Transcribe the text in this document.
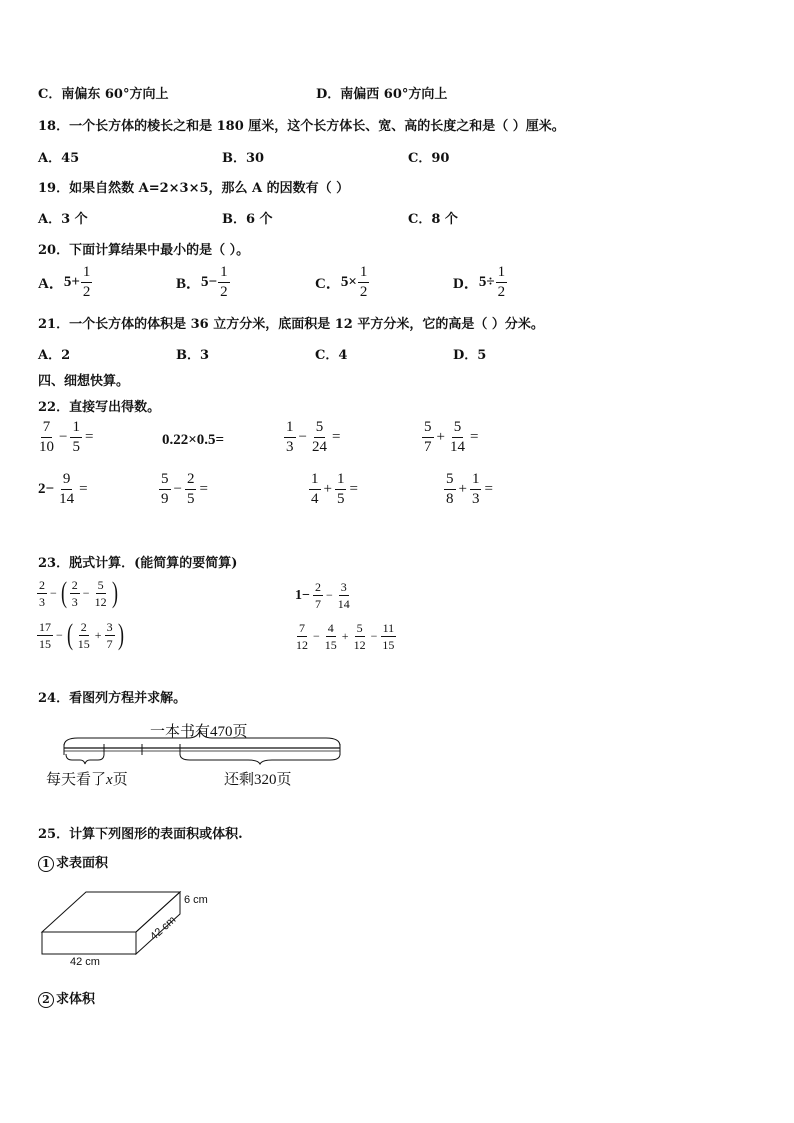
C．南偏东 60°方向上	D．南偏西 60°方向上
18．一个长方体的棱长之和是 180 厘米，这个长方体长、宽、高的长度之和是（ ）厘米。
A．45	B．30	C．90
19．如果自然数 A=2×3×5，那么 A 的因数有（ ）
A．3 个	B．6 个	C．8 个
20．下面计算结果中最小的是（ ）。
A． $5+ \frac{1}{2}$	B． $5- \frac{1}{2}$	C． $5\times \frac{1}{2}$	D． $5\div \frac{1}{2}$
21．一个长方体的体积是 36 立方分米，底面积是 12 平方分米，它的高是（ ）分米。
A．2	B．3	C．4	D．5
四、细想快算。
22．直接写出得数。
$\frac{7}{10} - \frac{1}{5}$ =	0.22×0.5=	$\frac{1}{3} - \frac{5}{24}$ =	$\frac{5}{7} + \frac{5}{14}$ =
$2- \frac{9}{14}$ =	$\frac{5}{9} - \frac{2}{5}$ =	$\frac{1}{4} + \frac{1}{5}$ =	$\frac{5}{8} + \frac{1}{3}$ =
23．脱式计算．(能简算的要简算)
$\frac{2}{3}$ − ( $\frac{2}{3} - \frac{5}{12}$ )	$1- \frac{2}{7} - \frac{3}{14}$
$\frac{17}{15}$ − ( $\frac{2}{15} + \frac{3}{7}$ )	$\frac{7}{12} - \frac{4}{15} + \frac{5}{12} - \frac{11}{15}$
24．看图列方程并求解。
一本书有470页
每天看了x页	还剩320页
25．计算下列图形的表面积或体积.
1 求表面积
6 cm
42 cm
42 cm
2 求体积
